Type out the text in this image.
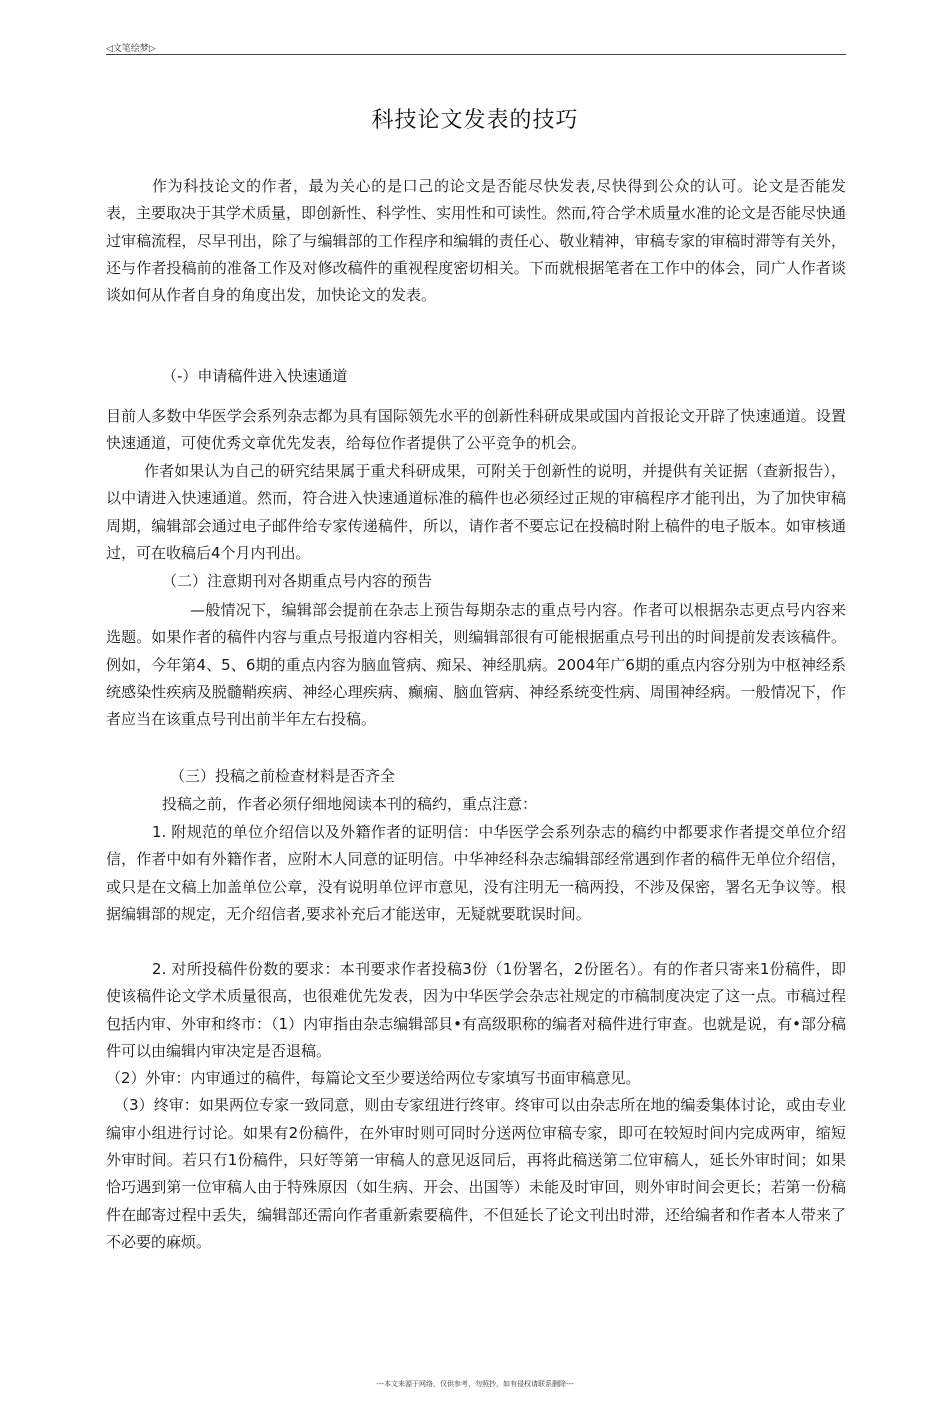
◁文笔绘梦▷
科技论文发表的技巧
作为科技论文的作者，最为关心的是口己的论文是否能尽快发表,尽快得到公众的认可。论文是否能发表，主要取决于其学术质量，即创新性、科学性、实用性和可读性。然而,符合学术质量水准的论文是否能尽快通过审稿流程，尽早刊出，除了与编辑部的工作程序和编辑的责任心、敬业精神，审稿专家的审稿时滞等有关外，还与作者投稿前的准备工作及对修改稿件的重视程度密切相关。下而就根据笔者在工作中的体会，同广人作者谈谈如何从作者自身的角度出发，加快论文的发表。
（-）申请稿件进入快速通道
目前人多数中华医学会系列杂志都为具有国际领先水平的创新性科研成果或国内首报论文开辟了快速通道。设置快速通道，可使优秀文章优先发表，给每位作者提供了公平竞争的机会。
作者如果认为自己的研究结果属于重犬科研成果，可附关于创新性的说明，并提供有关证据（查新报告），以中请进入快速通道。然而，符合进入快速通道标准的稿件也必须经过正规的审稿程序才能刊出，为了加快审稿周期，编辑部会通过电子邮件给专家传递稿件，所以，请作者不要忘记在投稿时附上稿件的电子版本。如审核通过，可在收稿后4个月内刊出。
（二）注意期刊对各期重点号内容的预告
—般情况下，编辑部会提前在杂志上预告每期杂志的重点号内容。作者可以根据杂志更点号内容来选题。如果作者的稿件内容与重点号报道内容相关，则编辑部很有可能根据重点号刊出的时间提前发表该稿件。例如，今年第4、5、6期的重点内容为脑血管病、痴呆、神经肌病。2004年广6期的重点内容分别为中枢神经系统感染性疾病及脱髓鞘疾病、神经心理疾病、癫痫、脑血管病、神经系统变性病、周围神经病。一般情况下，作者应当在该重点号刊出前半年左右投稿。
（三）投稿之前检查材料是否齐全
投稿之前，作者必须仔细地阅读本刊的稿约，重点注意：
1. 附规范的单位介绍信以及外籍作者的证明信：中华医学会系列杂志的稿约中都要求作者提交单位介绍信，作者中如有外籍作者，应附木人同意的证明信。中华神经科杂志编辑部经常遇到作者的稿件无单位介绍信，或只是在文稿上加盖单位公章，没有说明单位评市意见，没有注明无一稿两投，不涉及保密，署名无争议等。根据编辑部的规定，无介绍信者,要求补充后才能送审，无疑就要耽误时间。
2. 对所投稿件份数的要求：本刊要求作者投稿3份（1份署名，2份匿名）。有的作者只寄来1份稿件，即使该稿件论文学术质量很高，也很难优先发表，因为中华医学会杂志社规定的市稿制度决定了这一点。市稿过程包括内审、外审和终市：（1）内审指由杂志编辑部貝•有高级职称的编者对稿件进行审查。也就是说，有•部分稿件可以由编辑内审决定是否退稿。
（2）外审：内审通过的稿件，每篇论文至少要送给两位专家填写书面审稿意见。
（3）终审：如果两位专家一致同意，则由专家纽进行终审。终审可以由杂志所在地的编委集体讨论，或由专业编审小组进行讨论。如果有2份稿件，在外审时则可同时分送两位审稿专家，即可在较短时间内完成两审，缩短外审时间。若只冇1份稿件，只好等第一审稿人的意见返同后，再将此稿送第二位审稿人，延长外审时间；如果恰巧遇到第一位审稿人由于特殊原因（如生病、开会、出国等）未能及时审回，则外审时间会更长；若第一份稿件在邮寄过程中丢失，编辑部还需向作者重新索要稿件，不但延长了论文刊出时滞，还给编者和作者本人带来了不必要的麻烦。
---本文来源于网络，仅供参考，勿照抄，如有侵权请联系删除---
